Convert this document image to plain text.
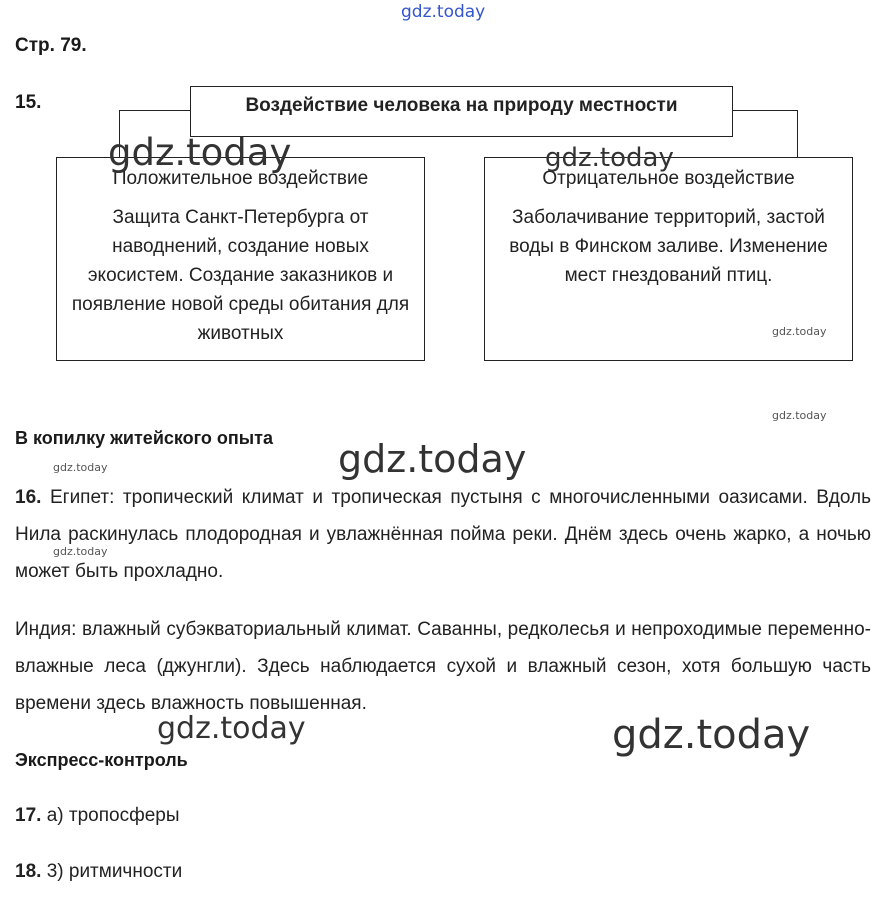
gdz.today
Стр. 79.
15.	Воздействие человека на природу местности
Положительное воздействие
Защита Санкт-Петербурга от наводнений, создание новых экосистем. Создание заказников и появление новой среды обитания для животных
Отрицательное воздействие
Заболачивание территорий, застой воды в Финском заливе. Изменение мест гнездований птиц.
В копилку житейского опыта

16. Египет: тропический климат и тропическая пустыня с многочисленными оазисами. Вдоль Нила раскинулась плодородная и увлажнённая пойма реки. Днём здесь очень жарко, а ночью может быть прохладно.

Индия: влажный субэкваториальный климат. Саванны, редколесья и непроходимые переменно-влажные леса (джунгли). Здесь наблюдается сухой и влажный сезон, хотя большую часть времени здесь влажность повышенная.

Экспресс-контроль
17. а) тропосферы
18. 3) ритмичности
gdz.today	gdz.today
gdz.today
gdz.today
gdz.today
gdz.today
gdz.today
gdz.today	gdz.today
